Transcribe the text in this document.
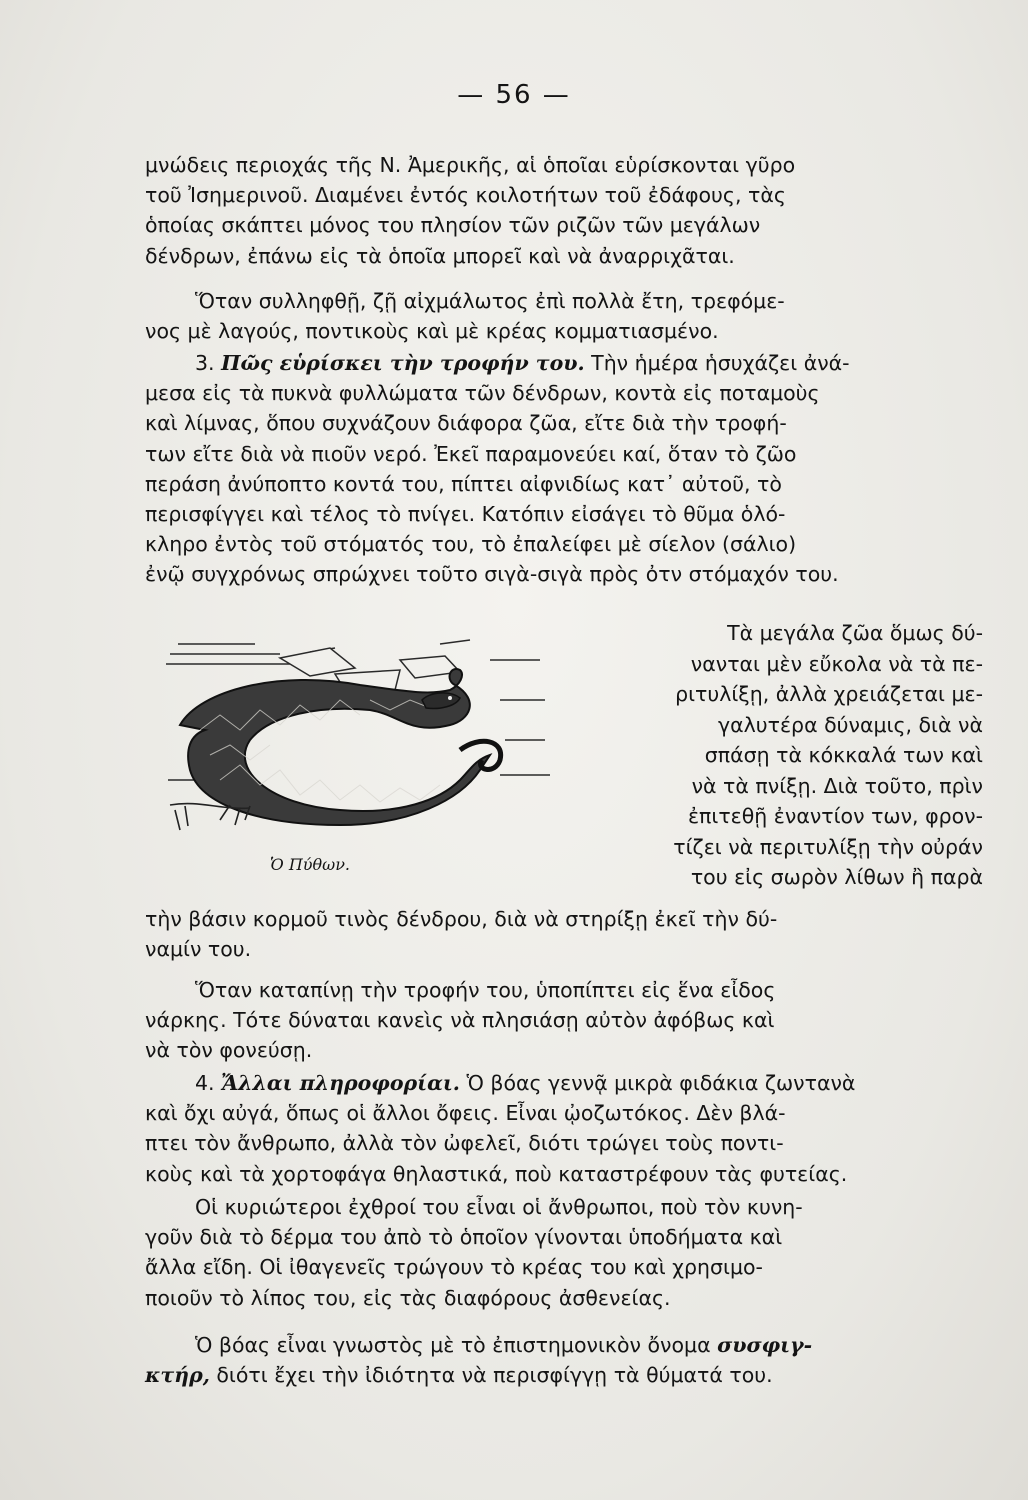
— 56 —

μνώδεις περιοχάς τῆς Ν. Ἀμερικῆς, αἱ ὁποῖαι εὑρίσκονται γῦρο
τοῦ Ἰσημερινοῦ. Διαμένει ἐντός κοιλοτήτων τοῦ ἐδάφους, τὰς
ὁποίας σκάπτει μόνος του πλησίον τῶν ριζῶν τῶν μεγάλων
δένδρων, ἐπάνω εἰς τὰ ὁποῖα μπορεῖ καὶ νὰ ἀναρριχᾶται.

Ὅταν συλληφθῇ, ζῇ αἰχμάλωτος ἐπὶ πολλὰ ἔτη, τρεφόμε-
νος μὲ λαγούς, ποντικοὺς καὶ μὲ κρέας κομματιασμένο.

3. Πῶς εὑρίσκει τὴν τροφήν του. Τὴν ἡμέρα ἡσυχάζει ἀνά-
μεσα εἰς τὰ πυκνὰ φυλλώματα τῶν δένδρων, κοντὰ εἰς ποταμοὺς
καὶ λίμνας, ὅπου συχνάζουν διάφορα ζῶα, εἴτε διὰ τὴν τροφή-
των εἴτε διὰ νὰ πιοῦν νερό. Ἐκεῖ παραμονεύει καί, ὅταν τὸ ζῶο
περάση ἀνύποπτο κοντά του, πίπτει αἰφνιδίως κατ᾽ αὐτοῦ, τὸ
περισφίγγει καὶ τέλος τὸ πνίγει. Κατόπιν εἰσάγει τὸ θῦμα ὁλό-
κληρο ἐντὸς τοῦ στόματός του, τὸ ἐπαλείφει μὲ σίελον (σάλιο)
ἐνῷ συγχρόνως σπρώχνει τοῦτο σιγὰ-σιγὰ πρὸς ὀτν στόμαχόν του.

Ὁ Πύθων.

Τὰ μεγάλα ζῶα ὅμως δύ-
νανται μὲν εὔκολα νὰ τὰ πε-
ριτυλίξῃ, ἀλλὰ χρειάζεται με-
γαλυτέρα δύναμις, διὰ νὰ
σπάσῃ τὰ κόκκαλά των καὶ
νὰ τὰ πνίξῃ. Διὰ τοῦτο, πρὶν
ἐπιτεθῇ ἐναντίον των, φρον-
τίζει νὰ περιτυλίξῃ τὴν οὐράν
του εἰς σωρὸν λίθων ἢ παρὰ

τὴν βάσιν κορμοῦ τινὸς δένδρου, διὰ νὰ στηρίξῃ ἐκεῖ τὴν δύ-
ναμίν του.

Ὅταν καταπίνῃ τὴν τροφήν του, ὑποπίπτει εἰς ἕνα εἶδος
νάρκης. Τότε δύναται κανεὶς νὰ πλησιάσῃ αὐτὸν ἀφόβως καὶ
νὰ τὸν φονεύσῃ.

4. Ἄλλαι πληροφορίαι. Ὁ βόας γεννᾷ μικρὰ φιδάκια ζωντανὰ
καὶ ὄχι αὐγά, ὅπως οἱ ἄλλοι ὄφεις. Εἶναι ᾠοζωτόκος. Δὲν βλά-
πτει τὸν ἄνθρωπο, ἀλλὰ τὸν ὠφελεῖ, διότι τρώγει τοὺς ποντι-
κοὺς καὶ τὰ χορτοφάγα θηλαστικά, ποὺ καταστρέφουν τὰς φυτείας.

Οἱ κυριώτεροι ἐχθροί του εἶναι οἱ ἄνθρωποι, ποὺ τὸν κυνη-
γοῦν διὰ τὸ δέρμα του ἀπὸ τὸ ὁποῖον γίνονται ὑποδήματα καὶ
ἄλλα εἴδη. Οἱ ἰθαγενεῖς τρώγουν τὸ κρέας του καὶ χρησιμο-
ποιοῦν τὸ λίπος του, εἰς τὰς διαφόρους ἀσθενείας.

Ὁ βόας εἶναι γνωστὸς μὲ τὸ ἐπιστημονικὸν ὄνομα συσφιγ-
κτήρ, διότι ἔχει τὴν ἰδιότητα νὰ περισφίγγῃ τὰ θύματά του.
